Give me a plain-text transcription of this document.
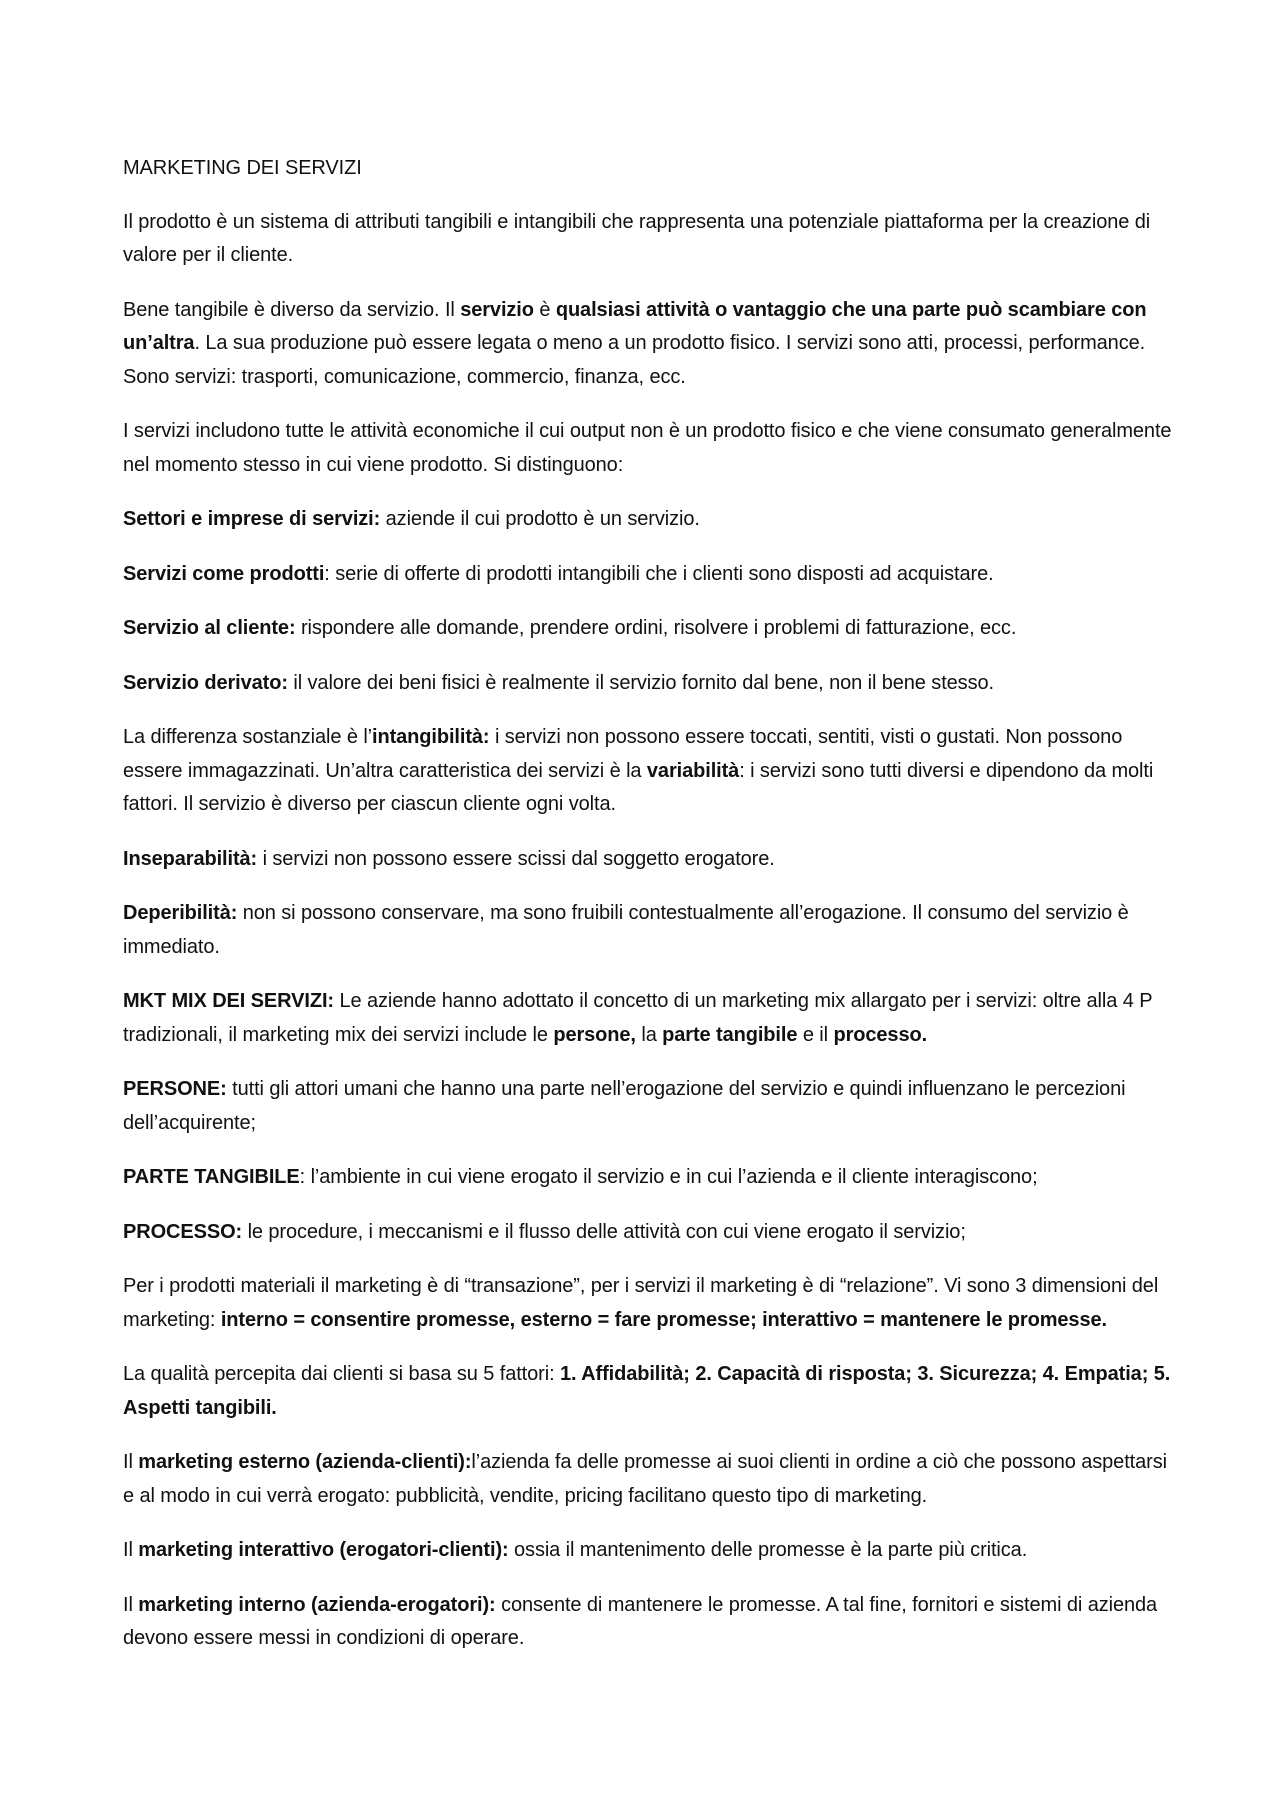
MARKETING DEI SERVIZI

Il prodotto è un sistema di attributi tangibili e intangibili che rappresenta una potenziale piattaforma per la creazione di valore per il cliente.

Bene tangibile è diverso da servizio. Il servizio è qualsiasi attività o vantaggio che una parte può scambiare con un’altra. La sua produzione può essere legata o meno a un prodotto fisico. I servizi sono atti, processi, performance. Sono servizi: trasporti, comunicazione, commercio, finanza, ecc.

I servizi includono tutte le attività economiche il cui output non è un prodotto fisico e che viene consumato generalmente nel momento stesso in cui viene prodotto. Si distinguono:

Settori e imprese di servizi: aziende il cui prodotto è un servizio.

Servizi come prodotti: serie di offerte di prodotti intangibili che i clienti sono disposti ad acquistare.

Servizio al cliente: rispondere alle domande, prendere ordini, risolvere i problemi di fatturazione, ecc.

Servizio derivato: il valore dei beni fisici è realmente il servizio fornito dal bene, non il bene stesso.

La differenza sostanziale è l’intangibilità: i servizi non possono essere toccati, sentiti, visti o gustati. Non possono essere immagazzinati. Un’altra caratteristica dei servizi è la variabilità: i servizi sono tutti diversi e dipendono da molti fattori. Il servizio è diverso per ciascun cliente ogni volta.

Inseparabilità: i servizi non possono essere scissi dal soggetto erogatore.

Deperibilità: non si possono conservare, ma sono fruibili contestualmente all’erogazione. Il consumo del servizio è immediato.

MKT MIX DEI SERVIZI: Le aziende hanno adottato il concetto di un marketing mix allargato per i servizi: oltre alla 4 P tradizionali, il marketing mix dei servizi include le persone, la parte tangibile e il processo.

PERSONE: tutti gli attori umani che hanno una parte nell’erogazione del servizio e quindi influenzano le percezioni dell’acquirente;

PARTE TANGIBILE: l’ambiente in cui viene erogato il servizio e in cui l’azienda e il cliente interagiscono;

PROCESSO: le procedure, i meccanismi e il flusso delle attività con cui viene erogato il servizio;

Per i prodotti materiali il marketing è di “transazione”, per i servizi il marketing è di “relazione”. Vi sono 3 dimensioni del marketing: interno = consentire promesse, esterno = fare promesse; interattivo = mantenere le promesse.

La qualità percepita dai clienti si basa su 5 fattori: 1. Affidabilità; 2. Capacità di risposta; 3. Sicurezza; 4. Empatia; 5. Aspetti tangibili.

Il marketing esterno (azienda-clienti):l’azienda fa delle promesse ai suoi clienti in ordine a ciò che possono aspettarsi e al modo in cui verrà erogato: pubblicità, vendite, pricing facilitano questo tipo di marketing.

Il marketing interattivo (erogatori-clienti): ossia il mantenimento delle promesse è la parte più critica.

Il marketing interno (azienda-erogatori): consente di mantenere le promesse. A tal fine, fornitori e sistemi di azienda devono essere messi in condizioni di operare.
